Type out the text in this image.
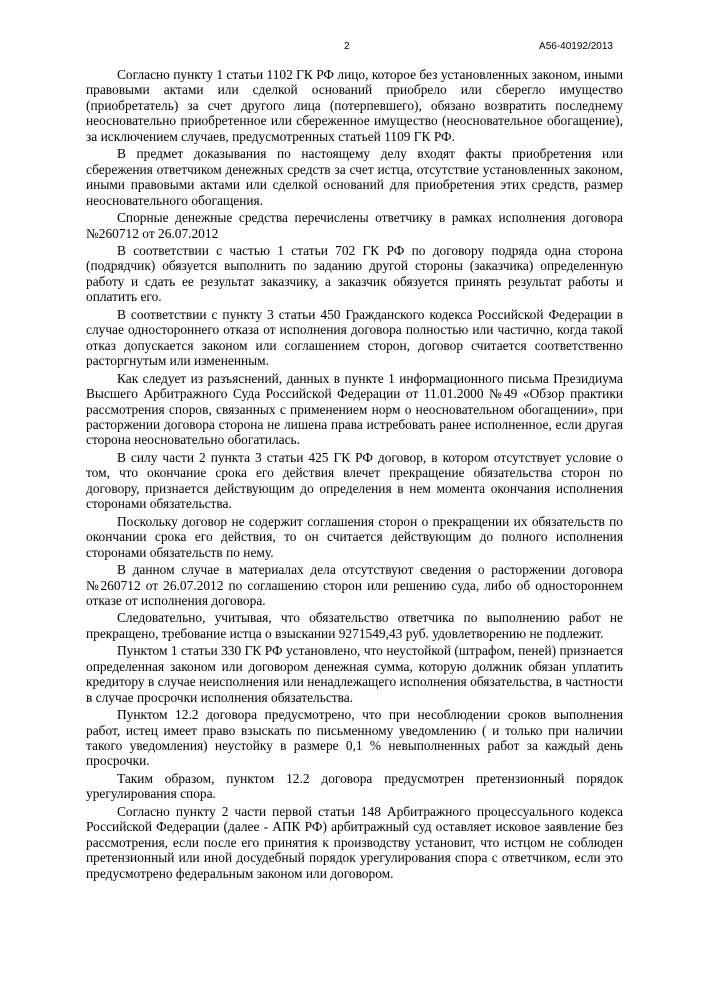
2	А56-40192/2013

Согласно пункту 1 статьи 1102 ГК РФ лицо, которое без установленных законом, иными правовыми актами или сделкой оснований приобрело или сберегло имущество (приобретатель) за счет другого лица (потерпевшего), обязано возвратить последнему неосновательно приобретенное или сбереженное имущество (неосновательное обогащение), за исключением случаев, предусмотренных статьей 1109 ГК РФ.

В предмет доказывания по настоящему делу входят факты приобретения или сбережения ответчиком денежных средств за счет истца, отсутствие установленных законом, иными правовыми актами или сделкой оснований для приобретения этих средств, размер неосновательного обогащения.

Спорные денежные средства перечислены ответчику в рамках исполнения договора №260712 от 26.07.2012

В соответствии с частью 1 статьи 702 ГК РФ по договору подряда одна сторона (подрядчик) обязуется выполнить по заданию другой стороны (заказчика) определенную работу и сдать ее результат заказчику, а заказчик обязуется принять результат работы и оплатить его.

В соответствии с пункту 3 статьи 450 Гражданского кодекса Российской Федерации в случае одностороннего отказа от исполнения договора полностью или частично, когда такой отказ допускается законом или соглашением сторон, договор считается соответственно расторгнутым или измененным.

Как следует из разъяснений, данных в пункте 1 информационного письма Президиума Высшего Арбитражного Суда Российской Федерации от 11.01.2000 №49 «Обзор практики рассмотрения споров, связанных с применением норм о неосновательном обогащении», при расторжении договора сторона не лишена права истребовать ранее исполненное, если другая сторона неосновательно обогатилась.

В силу части 2 пункта 3 статьи 425 ГК РФ договор, в котором отсутствует условие о том, что окончание срока его действия влечет прекращение обязательства сторон по договору, признается действующим до определения в нем момента окончания исполнения сторонами обязательства.

Поскольку договор не содержит соглашения сторон о прекращении их обязательств по окончании срока его действия, то он считается действующим до полного исполнения сторонами обязательств по нему.

В данном случае в материалах дела отсутствуют сведения о расторжении договора №260712 от 26.07.2012 по соглашению сторон или решению суда, либо об одностороннем отказе от исполнения договора.

Следовательно, учитывая, что обязательство ответчика по выполнению работ не прекращено, требование истца о взыскании 9271549,43 руб. удовлетворению не подлежит.

Пунктом 1 статьи 330 ГК РФ установлено, что неустойкой (штрафом, пеней) признается определенная законом или договором денежная сумма, которую должник обязан уплатить кредитору в случае неисполнения или ненадлежащего исполнения обязательства, в частности в случае просрочки исполнения обязательства.

Пунктом 12.2 договора предусмотрено, что при несоблюдении сроков выполнения работ, истец имеет право взыскать по письменному уведомлению ( и только при наличии такого уведомления) неустойку в размере 0,1 % невыполненных работ за каждый день просрочки.

Таким образом, пунктом 12.2 договора предусмотрен претензионный порядок урегулирования спора.

Согласно пункту 2 части первой статьи 148 Арбитражного процессуального кодекса Российской Федерации (далее - АПК РФ) арбитражный суд оставляет исковое заявление без рассмотрения, если после его принятия к производству установит, что истцом не соблюден претензионный или иной досудебный порядок урегулирования спора с ответчиком, если это предусмотрено федеральным законом или договором.
